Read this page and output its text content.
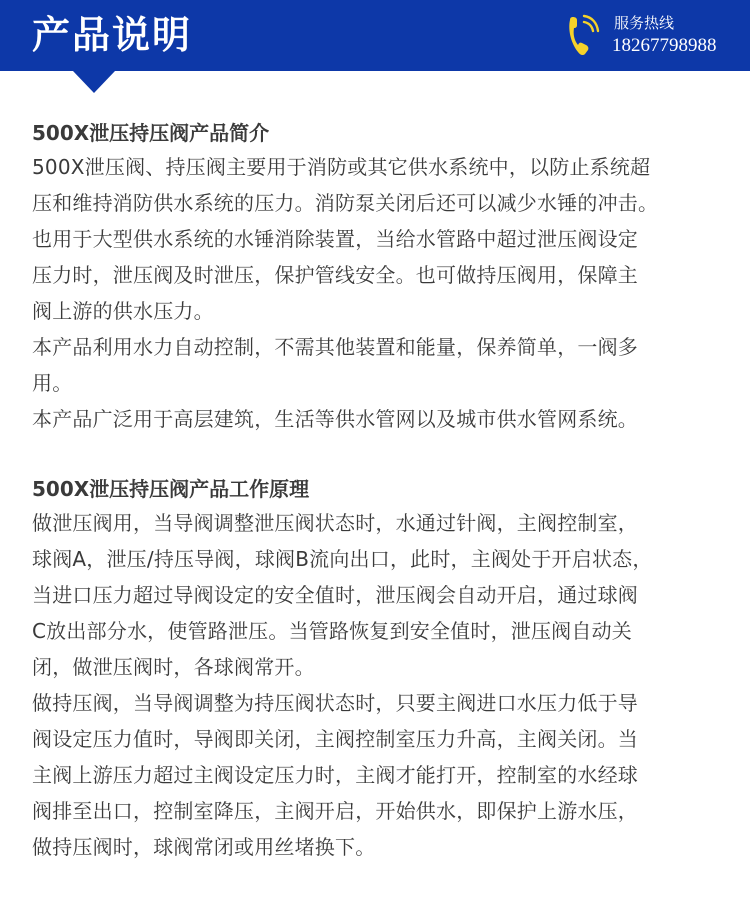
产品说明	服务热线
18267798988
500X泄压持压阀产品简介

500X泄压阀、持压阀主要用于消防或其它供水系统中，以防止系统超
压和维持消防供水系统的压力。消防泵关闭后还可以减少水锤的冲击。
也用于大型供水系统的水锤消除装置，当给水管路中超过泄压阀设定
压力时，泄压阀及时泄压，保护管线安全。也可做持压阀用，保障主
阀上游的供水压力。

本产品利用水力自动控制，不需其他装置和能量，保养简单，一阀多
用。

本产品广泛用于高层建筑，生活等供水管网以及城市供水管网系统。

500X泄压持压阀产品工作原理

做泄压阀用，当导阀调整泄压阀状态时，水通过针阀，主阀控制室，
球阀A，泄压/持压导阀，球阀B流向出口，此时，主阀处于开启状态，
当进口压力超过导阀设定的安全值时，泄压阀会自动开启，通过球阀
C放出部分水，使管路泄压。当管路恢复到安全值时，泄压阀自动关
闭，做泄压阀时，各球阀常开。

做持压阀，当导阀调整为持压阀状态时，只要主阀进口水压力低于导
阀设定压力值时，导阀即关闭，主阀控制室压力升高，主阀关闭。当
主阀上游压力超过主阀设定压力时，主阀才能打开，控制室的水经球
阀排至出口，控制室降压，主阀开启，开始供水，即保护上游水压，
做持压阀时，球阀常闭或用丝堵换下。
